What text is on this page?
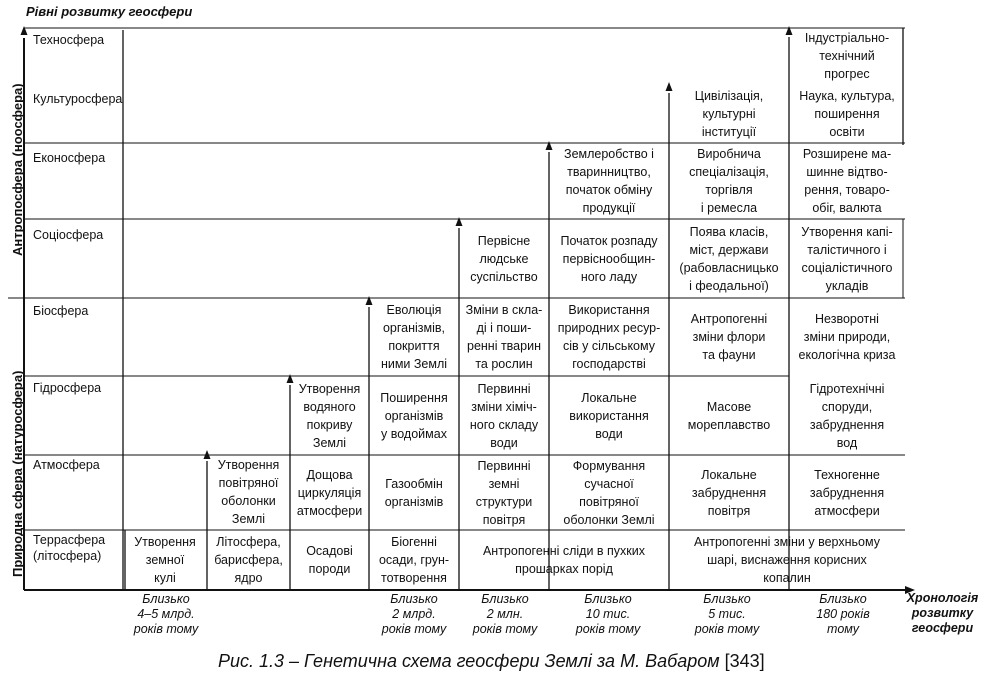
Рівні розвитку геосфери
Хронологія
розвитку
геосфери
Антропосфера (ноосфера)
Природна сфера (натуросфера)
Техносфера
Культуросфера
Еконосфера
Соціосфера
Біосфера
Гідросфера
Атмосфера
Террасфера
(літосфера)
Близько
4–5 млрд.
років тому
Близько
2 млрд.
років тому
Близько
2 млн.
років тому
Близько
10 тис.
років тому
Близько
5 тис.
років тому
Близько
180 років
тому
Утворення
земної
кулі
Утворення
повітряної
оболонки
Землі
Літосфера,
барисфера,
ядро
Утворення
водяного
покриву
Землі
Дощова
циркуляція
атмосфери
Осадові
породи
Еволюція
організмів,
покриття
ними Землі
Поширення
організмів
у водоймах
Газообмін
організмів
Біогенні
осади, грун-
тотворення
Первісне
людське
суспільство
Зміни в скла-
ді і поши-
ренні тварин
та рослин
Первинні
зміни хіміч-
ного складу
води
Первинні
земні
структури
повітря
Антропогенні сліди в пухких
прошарках порід
Землеробство і
тваринництво,
початок обміну
продукції
Початок розпаду
первіснообщин-
ного ладу
Використання
природних ресур-
сів у сільському
господарстві
Локальне
використання
води
Формування
сучасної
повітряної
оболонки Землі
Цивілізація,
культурні
інституції
Виробнича
спеціалізація,
торгівля
і ремесла
Поява класів,
міст, держави
(рабовласницько
i феодальної)
Антропогенні
зміни флори
та фауни
Масове
мореплавство
Локальне
забруднення
повітря
Антропогенні зміни у верхньому
шарі, виснаження корисних
копалин
Індустріально-
технічний
прогрес
Наука, культура,
поширення
освіти
Розширене ма-
шинне відтво-
рення, товаро-
обіг, валюта
Утворення капі-
талістичного і
соціалістичного
укладів
Незворотні
зміни природи,
екологічна криза
Гідротехнічні
споруди,
забруднення
вод
Техногенне
забруднення
атмосфери
Рис. 1.3 – Генетична схема геосфери Землі за М. Вабаром [343]
